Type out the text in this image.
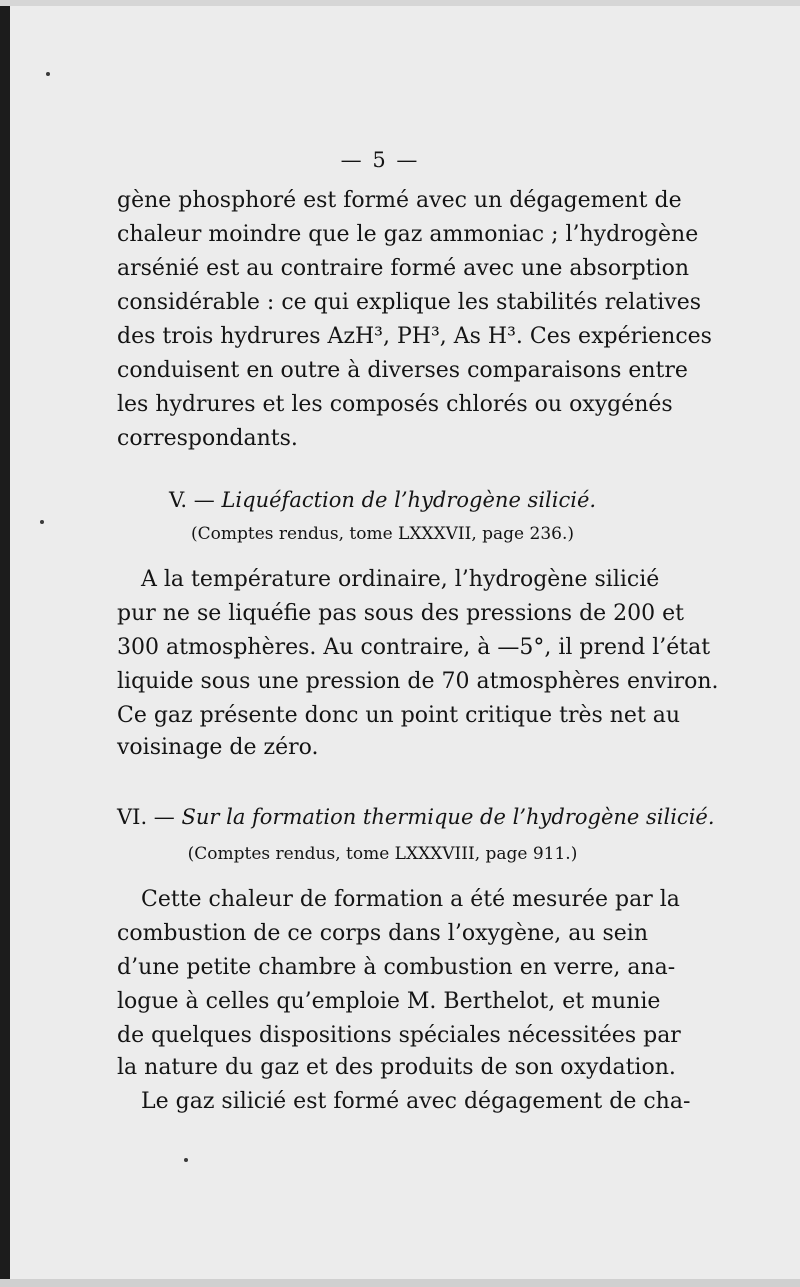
— 5 —
gène phosphoré est formé avec un dégagement de
chaleur moindre que le gaz ammoniac ; l’hydrogène
arsénié est au contraire formé avec une absorption
considérable : ce qui explique les stabilités relatives
des trois hydrures AzH³, PH³, As H³. Ces expériences
conduisent en outre à diverses comparaisons entre
les hydrures et les composés chlorés ou oxygénés
correspondants.
V. — Liquéfaction de l’hydrogène silicié.
(Comptes rendus, tome LXXXVII, page 236.)
A la température ordinaire, l’hydrogène silicié
pur ne se liquéfie pas sous des pressions de 200 et
300 atmosphères. Au contraire, à —5°, il prend l’état
liquide sous une pression de 70 atmosphères environ.
Ce gaz présente donc un point critique très net au
voisinage de zéro.
VI. — Sur la formation thermique de l’hydrogène silicié.
(Comptes rendus, tome LXXXVIII, page 911.)
Cette chaleur de formation a été mesurée par la
combustion de ce corps dans l’oxygène, au sein
d’une petite chambre à combustion en verre, ana-
logue à celles qu’emploie M. Berthelot, et munie
de quelques dispositions spéciales nécessitées par
la nature du gaz et des produits de son oxydation.
Le gaz silicié est formé avec dégagement de cha-
